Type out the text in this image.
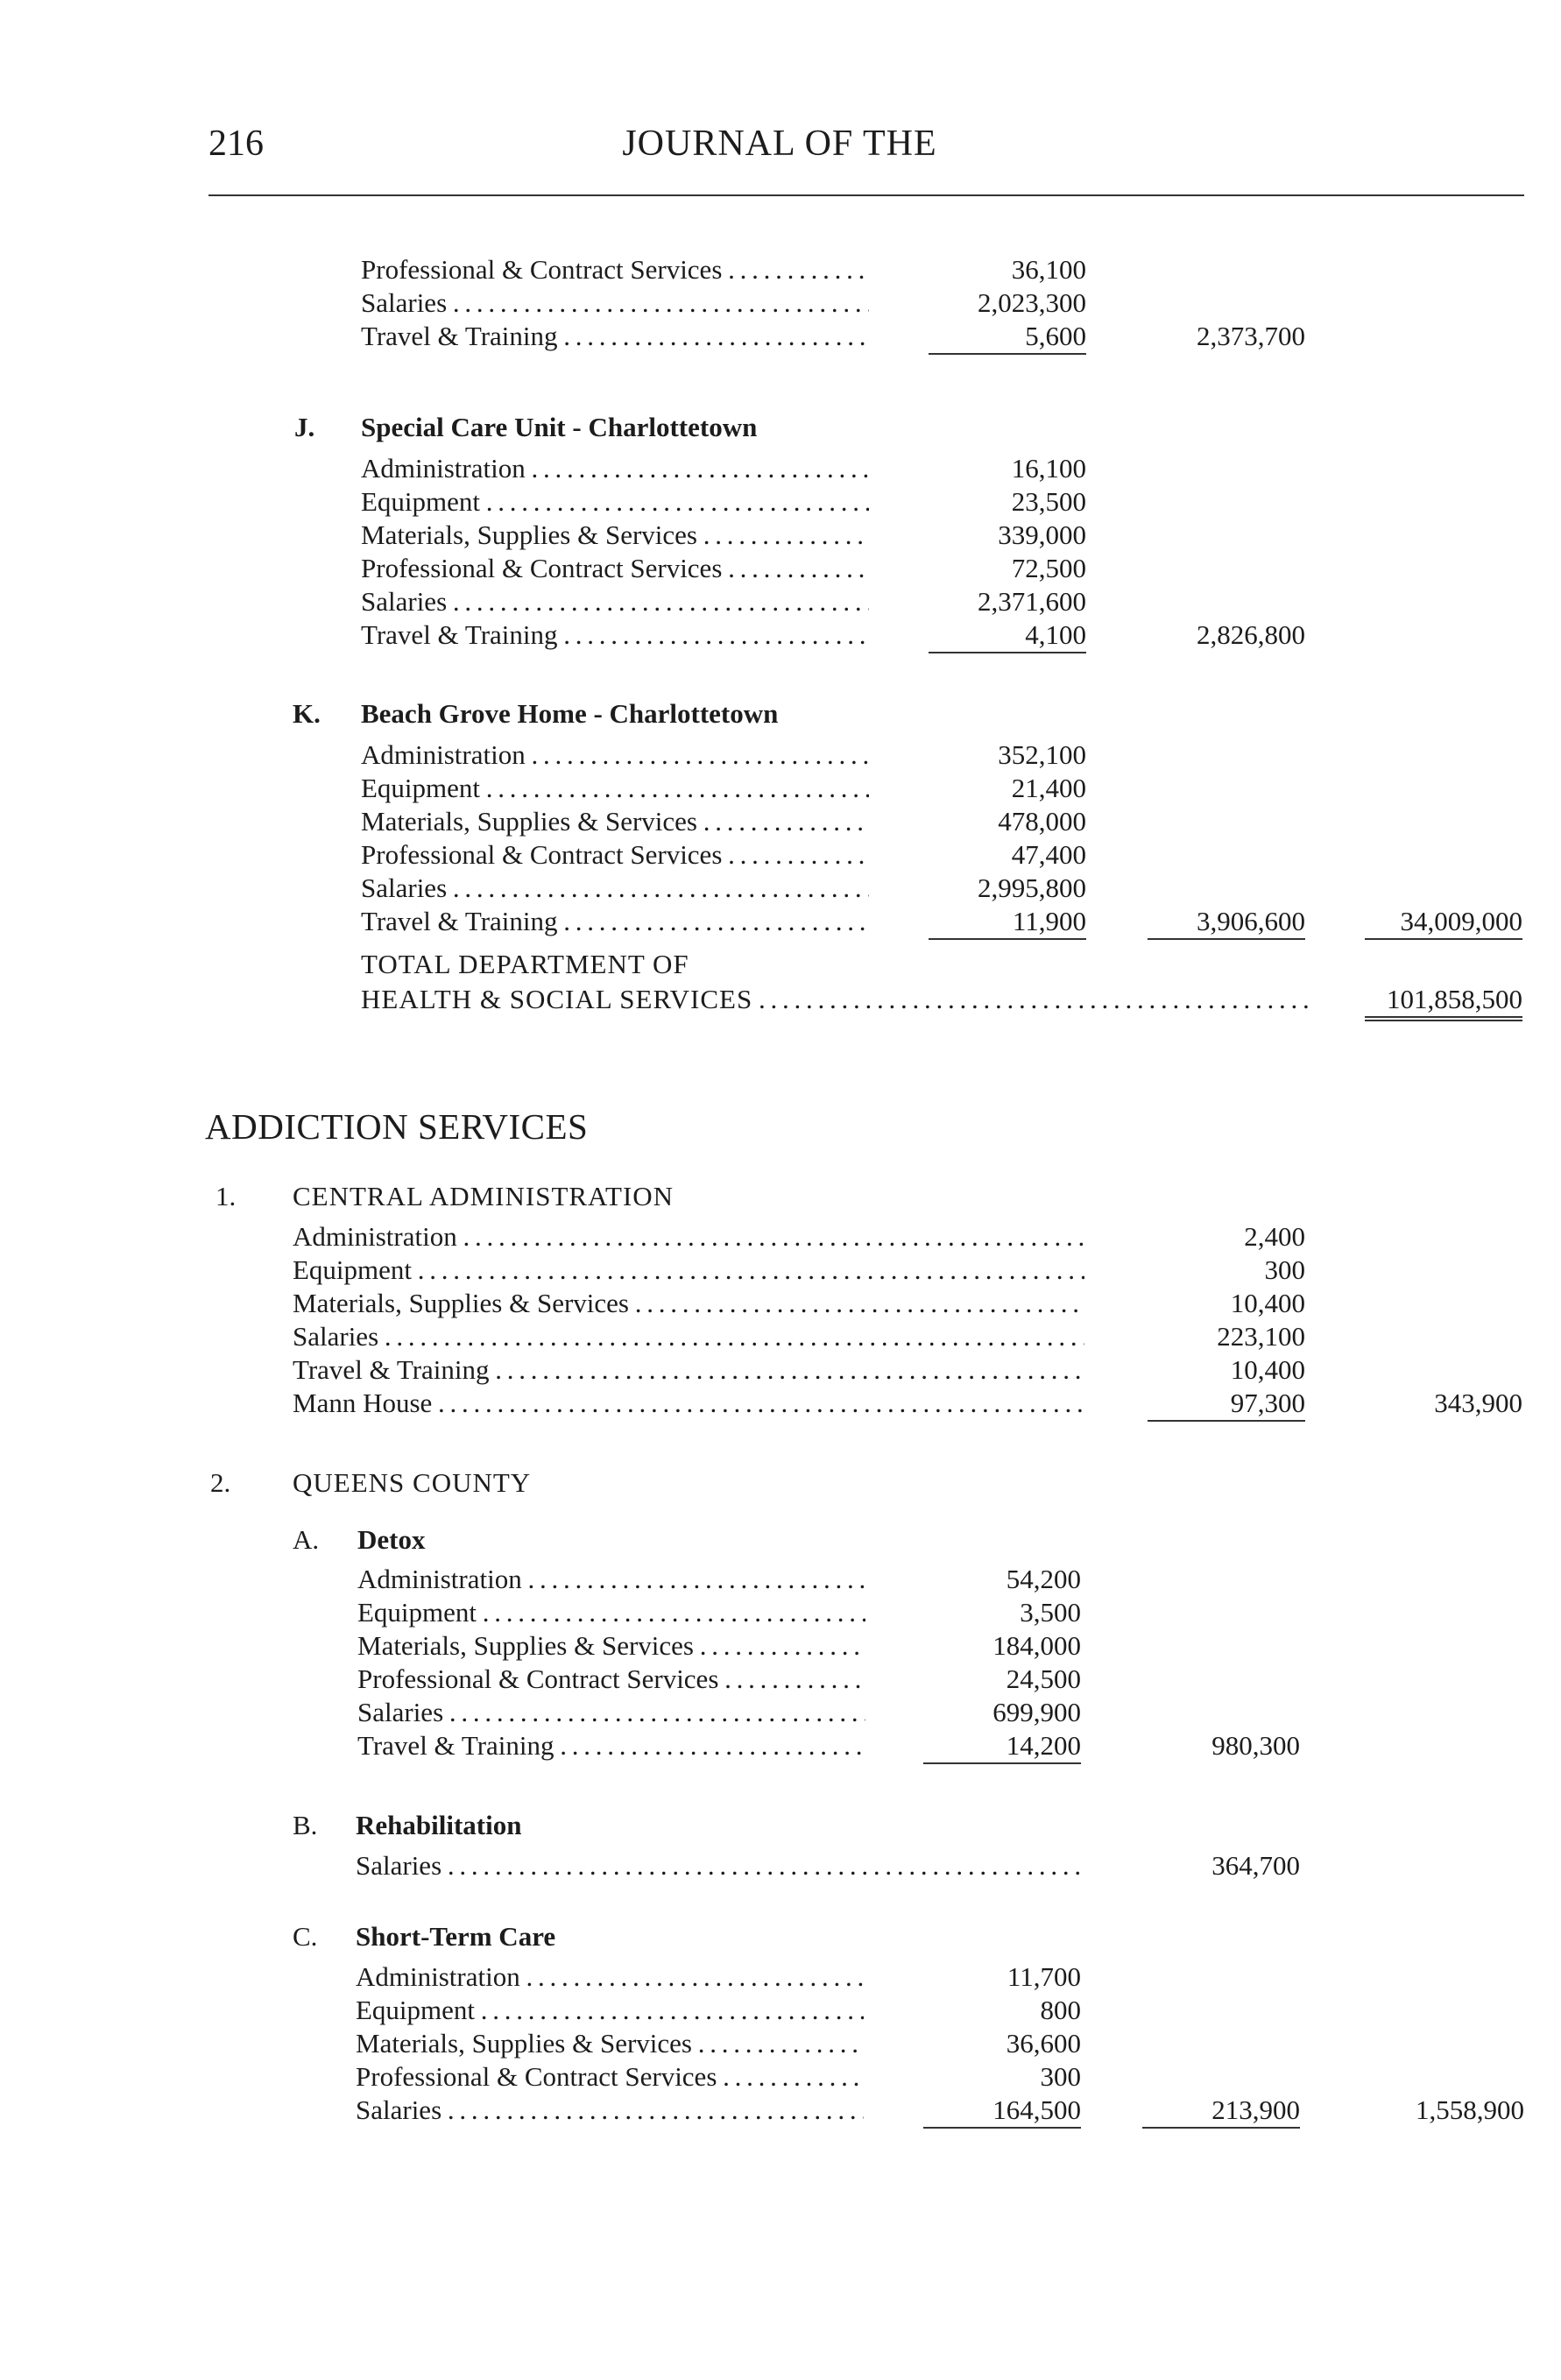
216	JOURNAL OF THE
Professional & Contract Services . . .	36,100
Salaries . . .	2,023,300
Travel & Training . . .	5,600	2,373,700
J. Special Care Unit - Charlottetown
Administration . . .	16,100
Equipment . . .	23,500
Materials, Supplies & Services . . .	339,000
Professional & Contract Services . . .	72,500
Salaries . . .	2,371,600
Travel & Training . . .	4,100	2,826,800
K. Beach Grove Home - Charlottetown
Administration . . .	352,100
Equipment . . .	21,400
Materials, Supplies & Services . . .	478,000
Professional & Contract Services . . .	47,400
Salaries . . .	2,995,800
Travel & Training . . .	11,900	3,906,600	34,009,000
TOTAL DEPARTMENT OF
HEALTH & SOCIAL SERVICES . . .	101,858,500
ADDICTION SERVICES
1. CENTRAL ADMINISTRATION
Administration . . .	2,400
Equipment . . .	300
Materials, Supplies & Services . . .	10,400
Salaries . . .	223,100
Travel & Training . . .	10,400
Mann House . . .	97,300	343,900
2. QUEENS COUNTY
A. Detox
Administration . . .	54,200
Equipment . . .	3,500
Materials, Supplies & Services . . .	184,000
Professional & Contract Services . . .	24,500
Salaries . . .	699,900
Travel & Training . . .	14,200	980,300
B. Rehabilitation
Salaries . . .	364,700
C. Short-Term Care
Administration . . .	11,700
Equipment . . .	800
Materials, Supplies & Services . . .	36,600
Professional & Contract Services . . .	300
Salaries . . .	164,500	213,900	1,558,900
